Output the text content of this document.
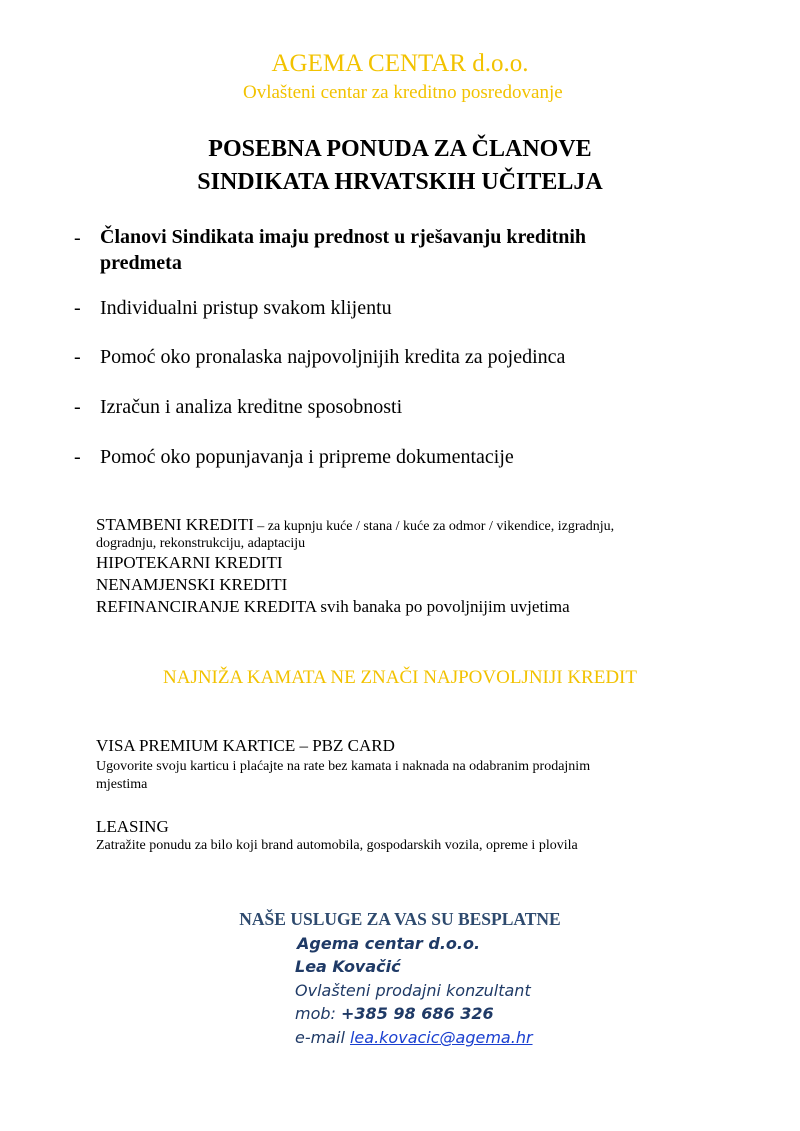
AGEMA CENTAR d.o.o.
Ovlašteni centar za kreditno posredovanje
POSEBNA PONUDA ZA ČLANOVE
SINDIKATA HRVATSKIH UČITELJA
- Članovi Sindikata imaju prednost u rješavanju kreditnih
predmeta
- Individualni pristup svakom klijentu
- Pomoć oko pronalaska najpovoljnijih kredita za pojedinca
- Izračun i analiza kreditne sposobnosti
- Pomoć oko popunjavanja i pripreme dokumentacije
STAMBENI KREDITI – za kupnju kuće / stana / kuće za odmor / vikendice, izgradnju,
dogradnju, rekonstrukciju, adaptaciju
HIPOTEKARNI KREDITI
NENAMJENSKI KREDITI
REFINANCIRANJE KREDITA svih banaka po povoljnijim uvjetima
NAJNIŽA KAMATA NE ZNAČI NAJPOVOLJNIJI KREDIT
VISA PREMIUM KARTICE – PBZ CARD
Ugovorite svoju karticu i plaćajte na rate bez kamata i naknada na odabranim prodajnim
mjestima
LEASING
Zatražite ponudu za bilo koji brand automobila, gospodarskih vozila, opreme i plovila
NAŠE USLUGE ZA VAS SU BESPLATNE
Agema centar d.o.o.
Lea Kovačić
Ovlašteni prodajni konzultant
mob: +385 98 686 326
e-mail lea.kovacic@agema.hr
